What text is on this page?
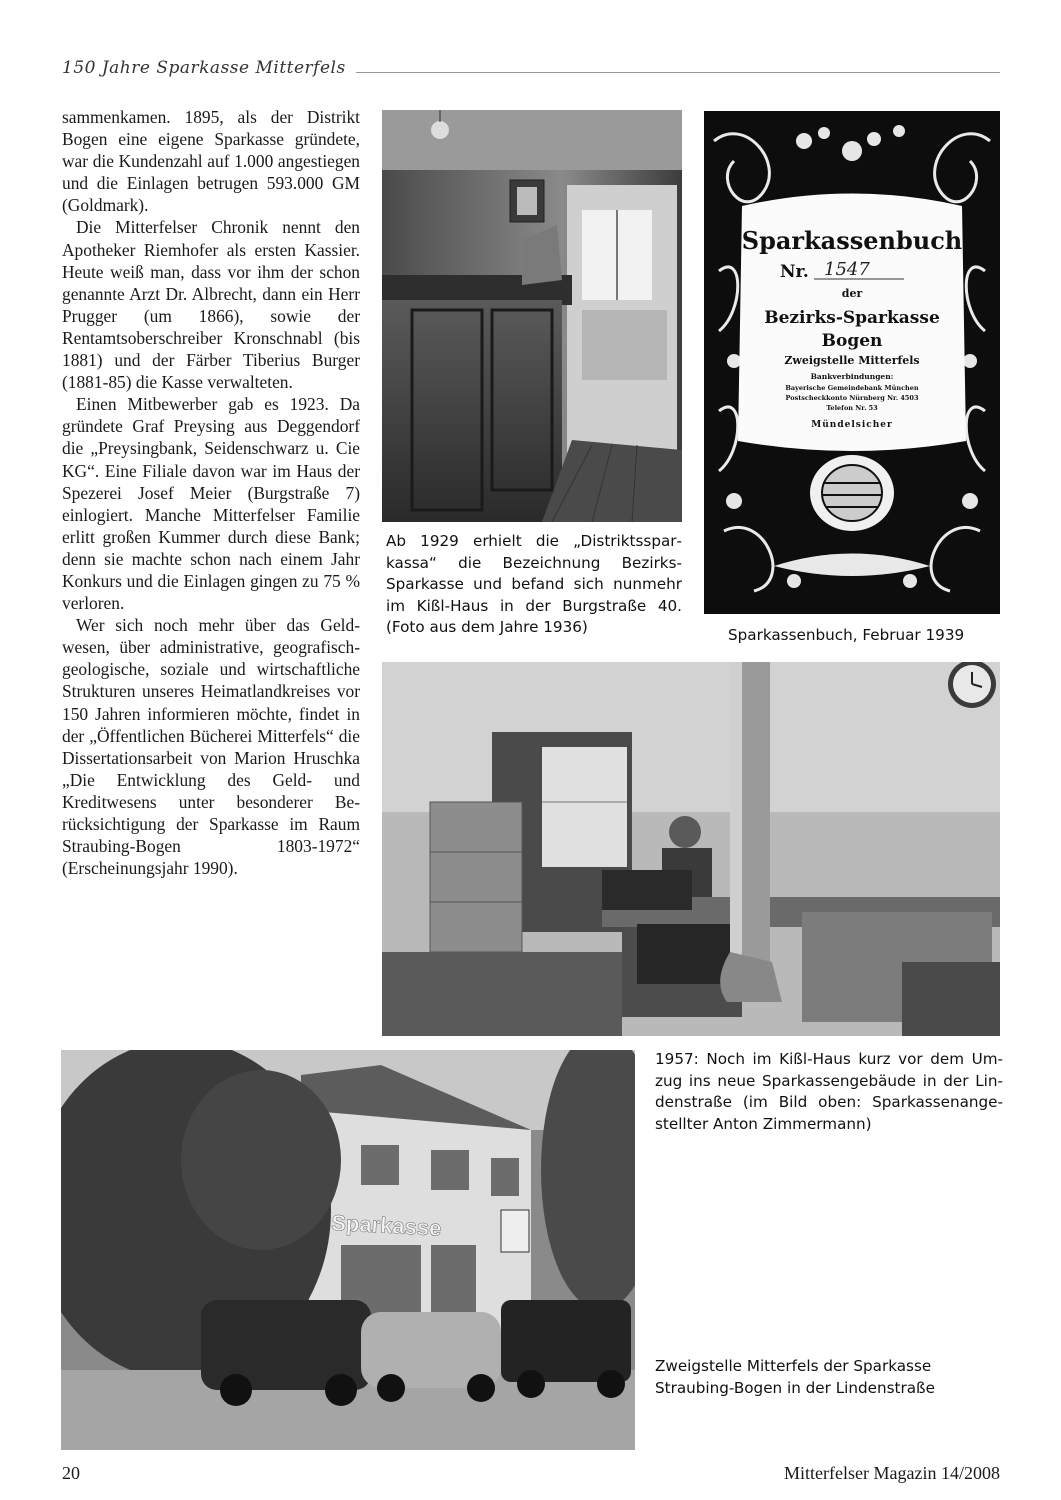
150 Jahre Sparkasse Mitterfels

sammenkamen. 1895, als der Distrikt Bogen eine eigene Sparkasse gründete, war die Kundenzahl auf 1.000 angestiegen und die Einlagen betrugen 593.000 GM (Goldmark).

Die Mitterfelser Chronik nennt den Apotheker Riemhofer als ersten Kassier. Heute weiß man, dass vor ihm der schon genannte Arzt Dr. Albrecht, dann ein Herr Prugger (um 1866), sowie der Rentamtsoberschreiber Kronschnabl (bis 1881) und der Färber Tiberius Burger (1881-85) die Kasse verwalteten.

Einen Mitbewerber gab es 1923. Da gründete Graf Preysing aus Deggendorf die „Preysingbank, Seidenschwarz u. Cie KG“. Eine Filiale davon war im Haus der Spezerei Josef Meier (Burgstraße 7) einlogiert. Manche Mitterfelser Familie erlitt großen Kummer durch diese Bank; denn sie machte schon nach einem Jahr Konkurs und die Einlagen gingen zu 75 % verloren.

Wer sich noch mehr über das Geldwesen, über administrative, geografisch-geologische, soziale und wirtschaftliche Strukturen unseres Heimatlandkreises vor 150 Jahren informieren möchte, findet in der „Öffentlichen Bücherei Mitterfels“ die Dissertationsarbeit von Marion Hruschka „Die Entwicklung des Geld- und Kreditwesens unter besonderer Berücksichtigung der Sparkasse im Raum Straubing-Bogen 1803-1972“ (Erscheinungsjahr 1990).

Sparkassenbuch
Nr. 1547
der
Bezirks-Sparkasse
Bogen
Zweigstelle Mitterfels
Bankverbindungen:
Bayerische Gemeindebank München
Postscheckkonto Nürnberg Nr. 4503
Telefon Nr. 53
Mündelsicher
Sparkasse
Ab 1929 erhielt die „Distriktssparkassa“ die Bezeichnung Bezirks-Sparkasse und befand sich nunmehr im Kißl-Haus in der Burgstraße 40. (Foto aus dem Jahre 1936)	Sparkassenbuch, Februar 1939
1957: Noch im Kißl-Haus kurz vor dem Umzug ins neue Sparkassengebäude in der Lindenstraße (im Bild oben: Sparkassenangestellter Anton Zimmermann)
Zweigstelle Mitterfels der Sparkasse Straubing-Bogen in der Lindenstraße
20	Mitterfelser Magazin 14/2008
